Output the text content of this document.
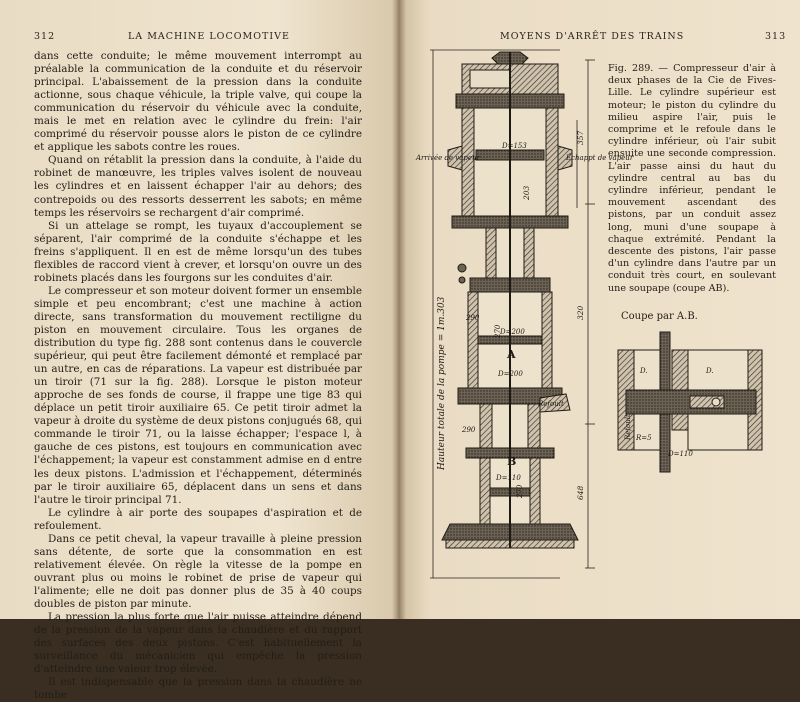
312	LA MACHINE LOCOMOTIVE

dans cette conduite; le même mouvement interrompt au préalable la communication de la conduite et du réservoir principal. L'abaissement de la pression dans la conduite actionne, sous chaque véhicule, la triple valve, qui coupe la communication du réservoir du véhicule avec la conduite, mais le met en relation avec le cylindre du frein: l'air comprimé du réservoir pousse alors le piston de ce cylindre et applique les sabots contre les roues.

Quand on rétablit la pression dans la conduite, à l'aide du robinet de manœuvre, les triples valves isolent de nouveau les cylindres et en laissent échapper l'air au dehors; des contrepoids ou des ressorts desserrent les sabots; en même temps les réservoirs se rechargent d'air comprimé.

Si un attelage se rompt, les tuyaux d'accouplement se séparent, l'air comprimé de la conduite s'échappe et les freins s'appliquent. Il en est de même lorsqu'un des tubes flexibles de raccord vient à crever, et lorsqu'on ouvre un des robinets placés dans les fourgons sur les conduites d'air.

Le compresseur et son moteur doivent former un ensemble simple et peu encombrant; c'est une machine à action directe, sans transformation du mouvement rectiligne du piston en mouvement circulaire. Tous les organes de distribution du type fig. 288 sont contenus dans le couvercle supérieur, qui peut être facilement démonté et remplacé par un autre, en cas de réparations. La vapeur est distribuée par un tiroir (71 sur la fig. 288). Lorsque le piston moteur approche de ses fonds de course, il frappe une tige 83 qui déplace un petit tiroir auxiliaire 65. Ce petit tiroir admet la vapeur à droite du système de deux pistons conjugués 68, qui commande le tiroir 71, ou la laisse échapper; l'espace l, à gauche de ces pistons, est toujours en communication avec l'échappement; la vapeur est constamment admise en d entre les deux pistons. L'admission et l'échappement, déterminés par le tiroir auxiliaire 65, déplacent dans un sens et dans l'autre le tiroir principal 71.

Le cylindre à air porte des soupapes d'aspiration et de refoulement.

Dans ce petit cheval, la vapeur travaille à pleine pression sans détente, de sorte que la consommation en est relativement élevée. On règle la vitesse de la pompe en ouvrant plus ou moins le robinet de prise de vapeur qui l'alimente; elle ne doit pas donner plus de 35 à 40 coups doubles de piston par minute.

La pression la plus forte que l'air puisse atteindre dépend de la pression de la vapeur dans la chaudière et du rapport des surfaces des deux pistons. C'est habituellement la surveillance du mécanicien qui empêche la pression d'atteindre une valeur trop élevée.

Il est indispensable que la pression dans la chaudière ne tombe

MOYENS D'ARRÊT DES TRAINS	313
Hauteur totale de la pompe = 1m.303
Arrivée de vapeur	Échappt de vapeur
Refoult
A
B
D=153
D=200
D=200
D=110
357
203
320
290
270
648
270
290
D.	D.
D=110
Refoult R=5
Fig. 289. — Compresseur d'air à deux phases de la Cie de Fives-Lille. Le cylindre supérieur est moteur; le piston du cylindre du milieu aspire l'air, puis le comprime et le refoule dans le cylindre inférieur, où l'air subit ensuite une seconde compression. L'air passe ainsi du haut du cylindre central au bas du cylindre inférieur, pendant le mouvement ascendant des pistons, par un conduit assez long, muni d'une soupape à chaque extrémité. Pendant la descente des pistons, l'air passe d'un cylindre dans l'autre par un conduit très court, en soulevant une soupape (coupe AB).
Coupe par A.B.
